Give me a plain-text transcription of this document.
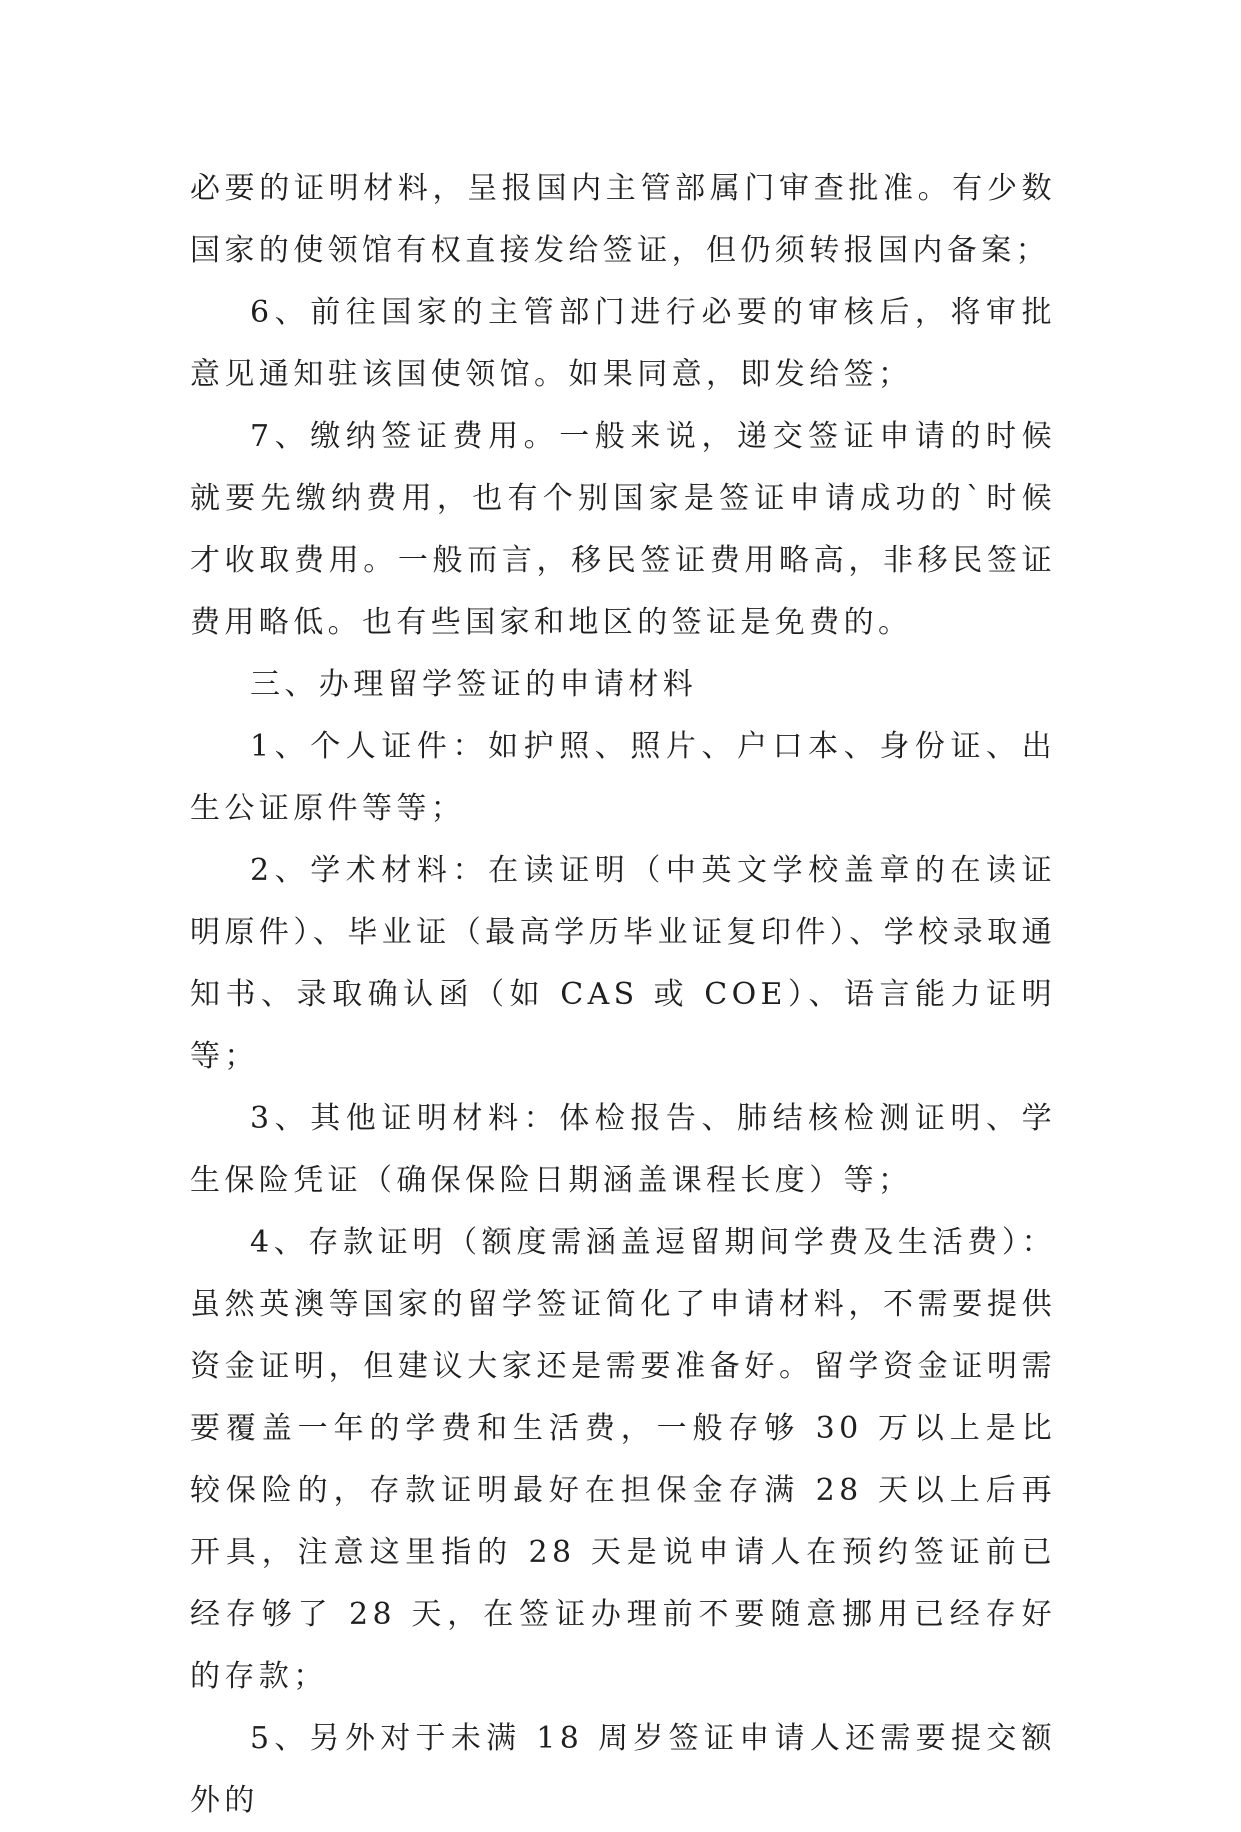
必要的证明材料，呈报国内主管部属门审查批准。有少数国家的使领馆有权直接发给签证，但仍须转报国内备案；

6、前往国家的主管部门进行必要的审核后，将审批意见通知驻该国使领馆。如果同意，即发给签；

7、缴纳签证费用。一般来说，递交签证申请的时候就要先缴纳费用，也有个别国家是签证申请成功的`时候才收取费用。一般而言，移民签证费用略高，非移民签证费用略低。也有些国家和地区的签证是免费的。

三、办理留学签证的申请材料

1、个人证件：如护照、照片、户口本、身份证、出生公证原件等等；

2、学术材料：在读证明（中英文学校盖章的在读证明原件）、毕业证（最高学历毕业证复印件）、学校录取通知书、录取确认函（如 CAS 或 COE）、语言能力证明等；

3、其他证明材料：体检报告、肺结核检测证明、学生保险凭证（确保保险日期涵盖课程长度）等；

4、存款证明（额度需涵盖逗留期间学费及生活费）：虽然英澳等国家的留学签证简化了申请材料，不需要提供资金证明，但建议大家还是需要准备好。留学资金证明需要覆盖一年的学费和生活费，一般存够 30 万以上是比较保险的，存款证明最好在担保金存满 28 天以上后再开具，注意这里指的 28 天是说申请人在预约签证前已经存够了 28 天，在签证办理前不要随意挪用已经存好的存款；

5、另外对于未满 18 周岁签证申请人还需要提交额外的
